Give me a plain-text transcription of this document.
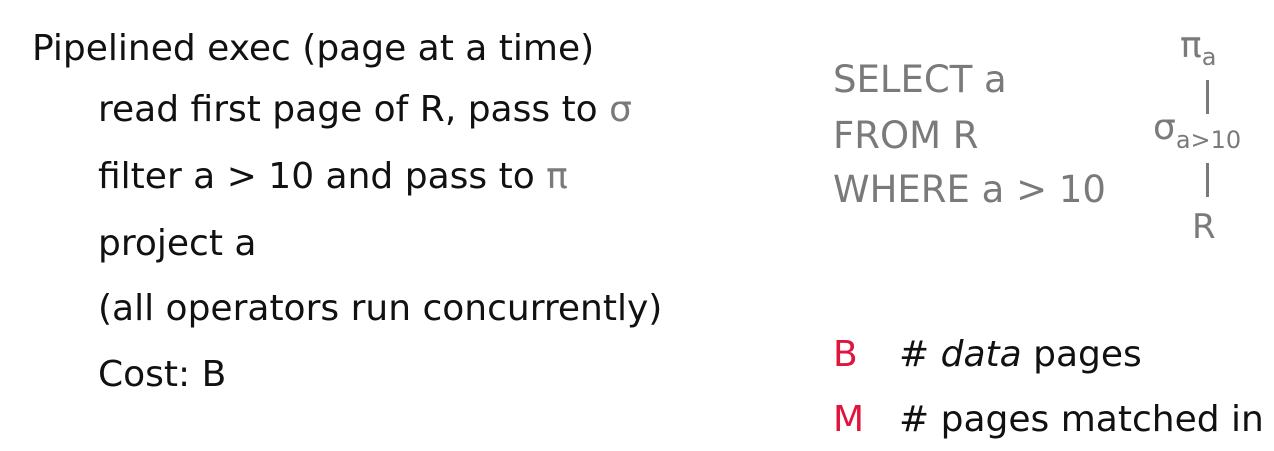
Pipelined exec (page at a time)
read first page of R, pass to σ
filter a > 10 and pass to π
project a
(all operators run concurrently)
Cost: B
SELECT a
FROM R
WHERE a > 10
$\pi_a$
$\sigma_{a>10}$
R
B # data pages
M # pages matched in
